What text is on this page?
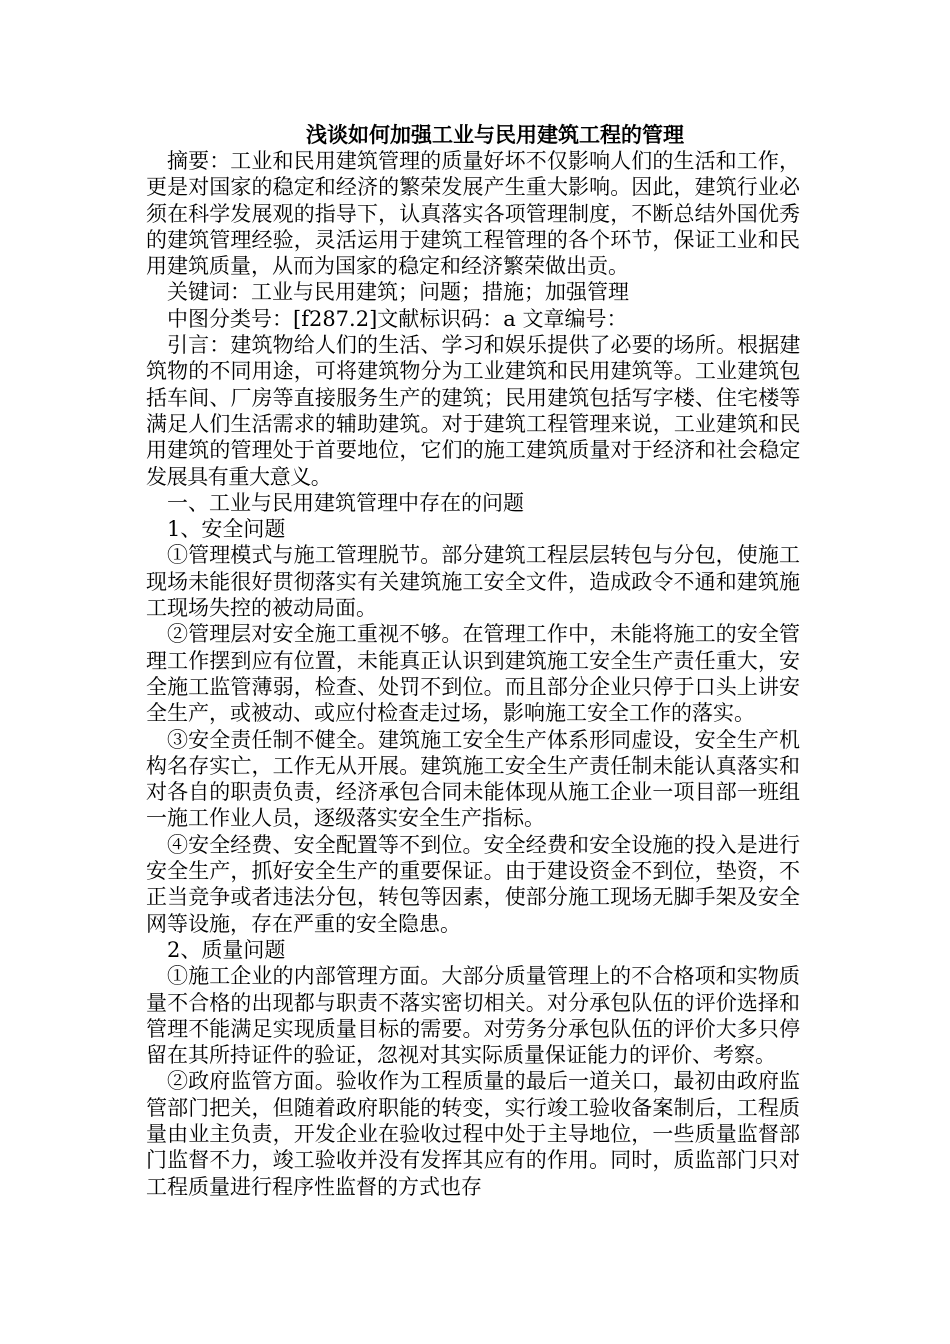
浅谈如何加强工业与民用建筑工程的管理

摘要：工业和民用建筑管理的质量好坏不仅影响人们的生活和工作，更是对国家的稳定和经济的繁荣发展产生重大影响。因此，建筑行业必须在科学发展观的指导下，认真落实各项管理制度，不断总结外国优秀的建筑管理经验，灵活运用于建筑工程管理的各个环节，保证工业和民用建筑质量，从而为国家的稳定和经济繁荣做出贡。

关键词：工业与民用建筑；问题；措施；加强管理

中图分类号：[f287.2]文献标识码：a 文章编号：

引言：建筑物给人们的生活、学习和娱乐提供了必要的场所。根据建筑物的不同用途，可将建筑物分为工业建筑和民用建筑等。工业建筑包括车间、厂房等直接服务生产的建筑；民用建筑包括写字楼、住宅楼等满足人们生活需求的辅助建筑。对于建筑工程管理来说，工业建筑和民用建筑的管理处于首要地位，它们的施工建筑质量对于经济和社会稳定发展具有重大意义。

一、工业与民用建筑管理中存在的问题

1、安全问题

①管理模式与施工管理脱节。部分建筑工程层层转包与分包，使施工现场未能很好贯彻落实有关建筑施工安全文件，造成政令不通和建筑施工现场失控的被动局面。

②管理层对安全施工重视不够。在管理工作中，未能将施工的安全管理工作摆到应有位置，未能真正认识到建筑施工安全生产责任重大，安全施工监管薄弱，检查、处罚不到位。而且部分企业只停于口头上讲安全生产，或被动、或应付检查走过场，影响施工安全工作的落实。

③安全责任制不健全。建筑施工安全生产体系形同虚设，安全生产机构名存实亡，工作无从开展。建筑施工安全生产责任制未能认真落实和对各自的职责负责，经济承包合同未能体现从施工企业一项目部一班组一施工作业人员，逐级落实安全生产指标。

④安全经费、安全配置等不到位。安全经费和安全设施的投入是进行安全生产，抓好安全生产的重要保证。由于建设资金不到位，垫资，不正当竞争或者违法分包，转包等因素，使部分施工现场无脚手架及安全网等设施，存在严重的安全隐患。

2、质量问题

①施工企业的内部管理方面。大部分质量管理上的不合格项和实物质量不合格的出现都与职责不落实密切相关。对分承包队伍的评价选择和管理不能满足实现质量目标的需要。对劳务分承包队伍的评价大多只停留在其所持证件的验证，忽视对其实际质量保证能力的评价、考察。

②政府监管方面。验收作为工程质量的最后一道关口，最初由政府监管部门把关，但随着政府职能的转变，实行竣工验收备案制后，工程质量由业主负责，开发企业在验收过程中处于主导地位，一些质量监督部门监督不力，竣工验收并没有发挥其应有的作用。同时，质监部门只对工程质量进行程序性监督的方式也存
